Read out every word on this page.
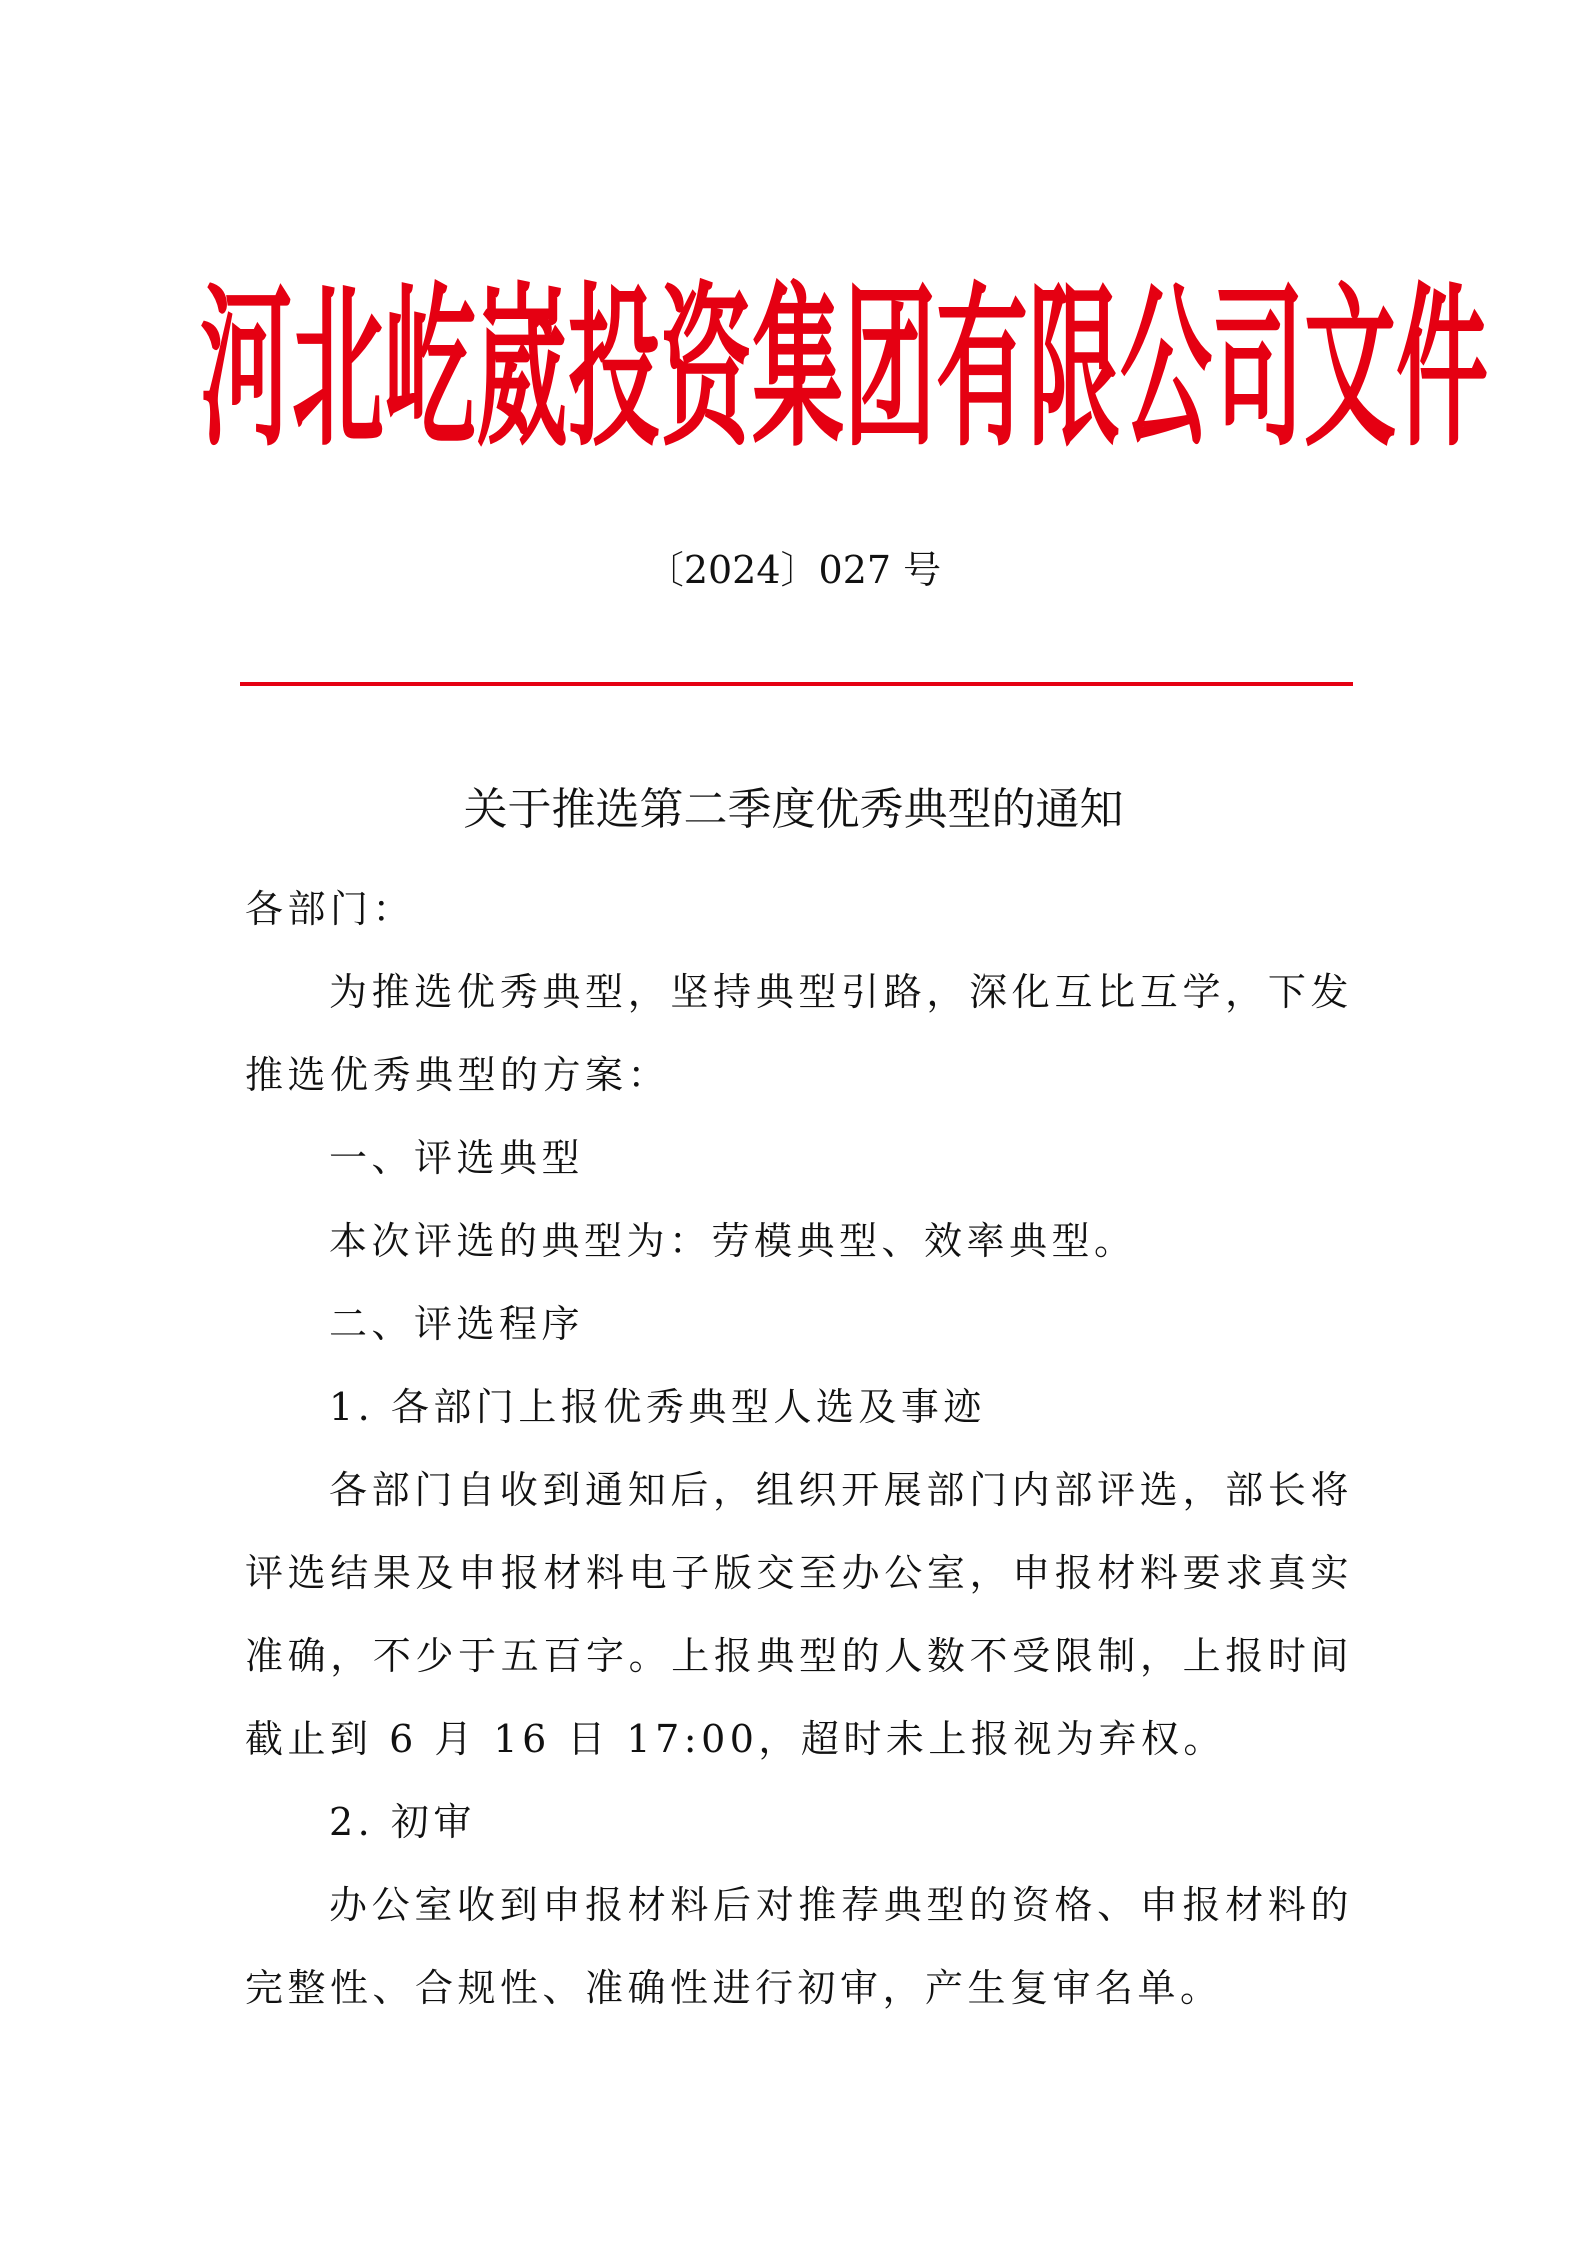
河北屹崴投资集团有限公司文件
〔2024〕027 号
关于推选第二季度优秀典型的通知

各部门：

为推选优秀典型，坚持典型引路，深化互比互学，下发推选优秀典型的方案：

一、评选典型

本次评选的典型为：劳模典型、效率典型。

二、评选程序

1. 各部门上报优秀典型人选及事迹

各部门自收到通知后，组织开展部门内部评选，部长将评选结果及申报材料电子版交至办公室，申报材料要求真实准确，不少于五百字。上报典型的人数不受限制，上报时间截止到 6 月 16 日 17:00，超时未上报视为弃权。

2. 初审

办公室收到申报材料后对推荐典型的资格、申报材料的完整性、合规性、准确性进行初审，产生复审名单。
